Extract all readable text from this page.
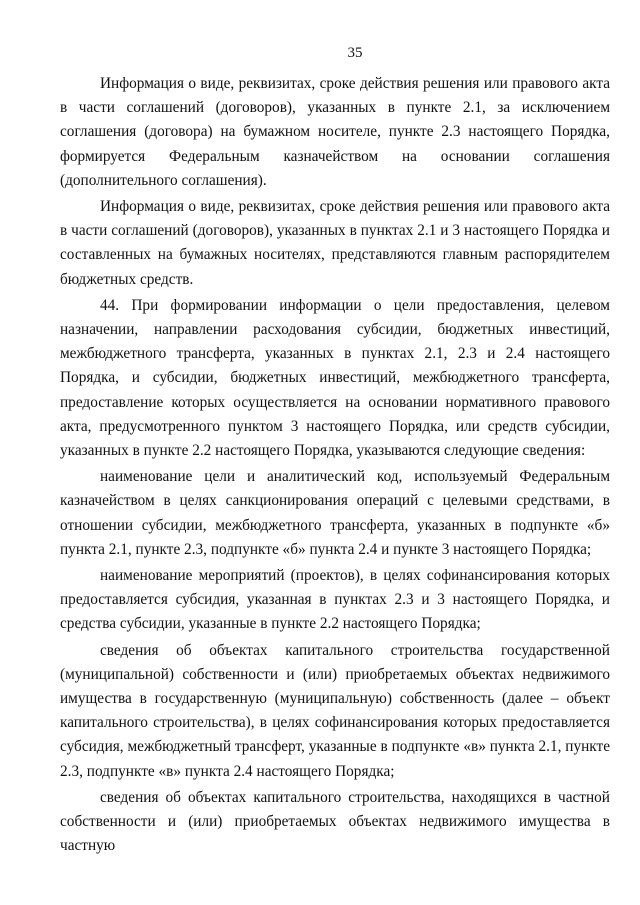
35

Информация о виде, реквизитах, сроке действия решения или правового акта в части соглашений (договоров), указанных в пункте 2.1, за исключением соглашения (договора) на бумажном носителе, пункте 2.3 настоящего Порядка, формируется Федеральным казначейством на основании соглашения (дополнительного соглашения).

Информация о виде, реквизитах, сроке действия решения или правового акта в части соглашений (договоров), указанных в пунктах 2.1 и 3 настоящего Порядка и составленных на бумажных носителях, представляются главным распорядителем бюджетных средств.

44. При формировании информации о цели предоставления, целевом назначении, направлении расходования субсидии, бюджетных инвестиций, межбюджетного трансферта, указанных в пунктах 2.1, 2.3 и 2.4 настоящего Порядка, и субсидии, бюджетных инвестиций, межбюджетного трансферта, предоставление которых осуществляется на основании нормативного правового акта, предусмотренного пунктом 3 настоящего Порядка, или средств субсидии, указанных в пункте 2.2 настоящего Порядка, указываются следующие сведения:

наименование цели и аналитический код, используемый Федеральным казначейством в целях санкционирования операций с целевыми средствами, в отношении субсидии, межбюджетного трансферта, указанных в подпункте «б» пункта 2.1, пункте 2.3, подпункте «б» пункта 2.4 и пункте 3 настоящего Порядка;

наименование мероприятий (проектов), в целях софинансирования которых предоставляется субсидия, указанная в пунктах 2.3 и 3 настоящего Порядка, и средства субсидии, указанные в пункте 2.2 настоящего Порядка;

сведения об объектах капитального строительства государственной (муниципальной) собственности и (или) приобретаемых объектах недвижимого имущества в государственную (муниципальную) собственность (далее – объект капитального строительства), в целях софинансирования которых предоставляется субсидия, межбюджетный трансферт, указанные в подпункте «в» пункта 2.1, пункте 2.3, подпункте «в» пункта 2.4 настоящего Порядка;

сведения об объектах капитального строительства, находящихся в частной собственности и (или) приобретаемых объектах недвижимого имущества в частную
